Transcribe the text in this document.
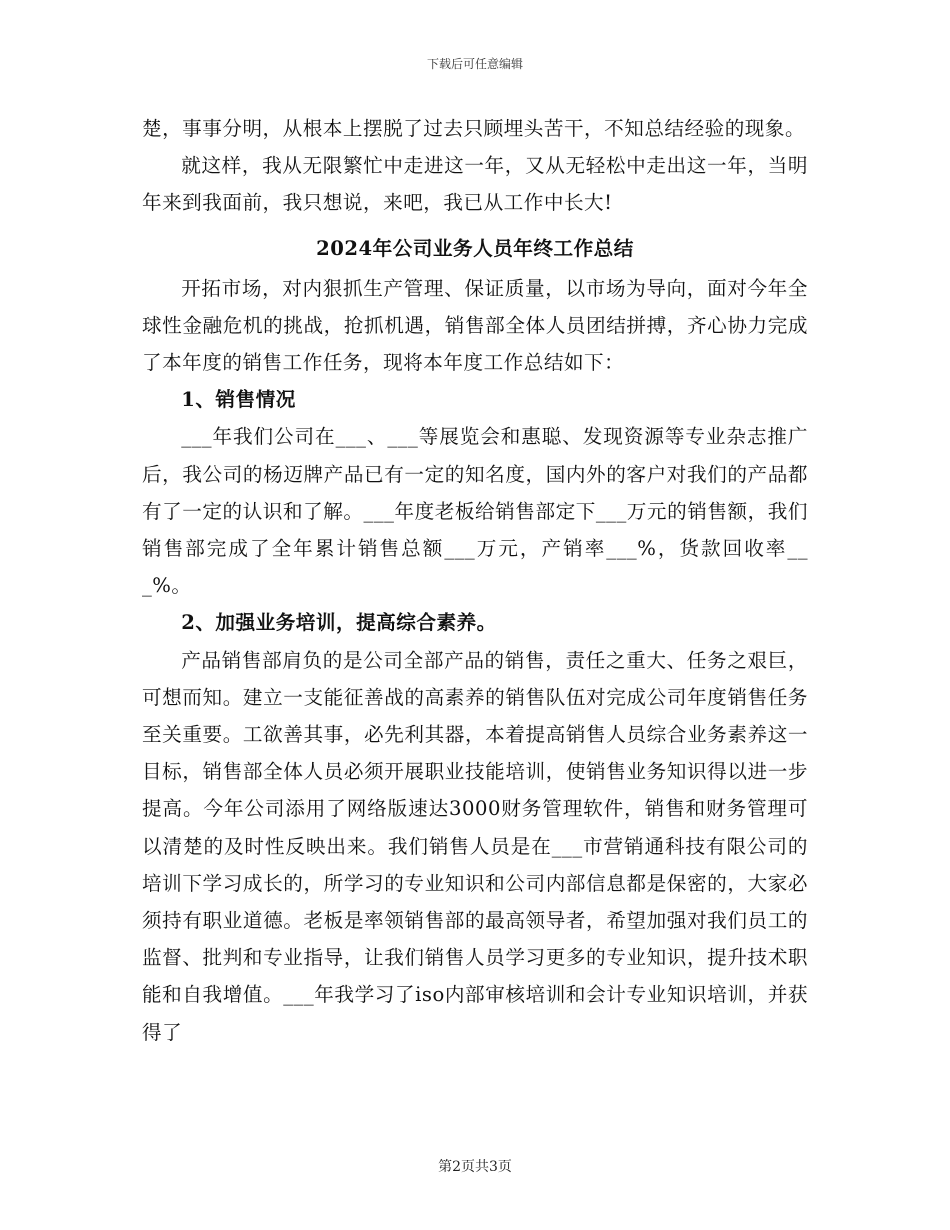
下载后可任意编辑

楚，事事分明，从根本上摆脱了过去只顾埋头苦干，不知总结经验的现象。

就这样，我从无限繁忙中走进这一年，又从无轻松中走出这一年，当明年来到我面前，我只想说，来吧，我已从工作中长大!

2024年公司业务人员年终工作总结

开拓市场，对内狠抓生产管理、保证质量，以市场为导向，面对今年全球性金融危机的挑战，抢抓机遇，销售部全体人员团结拼搏，齐心协力完成了本年度的销售工作任务，现将本年度工作总结如下：

1、销售情况

___年我们公司在___、___等展览会和惠聪、发现资源等专业杂志推广后，我公司的杨迈牌产品已有一定的知名度，国内外的客户对我们的产品都有了一定的认识和了解。___年度老板给销售部定下___万元的销售额，我们销售部完成了全年累计销售总额___万元，产销率___%，货款回收率___%。

2、加强业务培训，提高综合素养。

产品销售部肩负的是公司全部产品的销售，责任之重大、任务之艰巨，可想而知。建立一支能征善战的高素养的销售队伍对完成公司年度销售任务至关重要。工欲善其事，必先利其器，本着提高销售人员综合业务素养这一目标，销售部全体人员必须开展职业技能培训，使销售业务知识得以进一步提高。今年公司添用了网络版速达3000财务管理软件，销售和财务管理可以清楚的及时性反映出来。我们销售人员是在___市营销通科技有限公司的培训下学习成长的，所学习的专业知识和公司内部信息都是保密的，大家必须持有职业道德。老板是率领销售部的最高领导者，希望加强对我们员工的监督、批判和专业指导，让我们销售人员学习更多的专业知识，提升技术职能和自我增值。___年我学习了iso内部审核培训和会计专业知识培训，并获得了

第2页共3页
